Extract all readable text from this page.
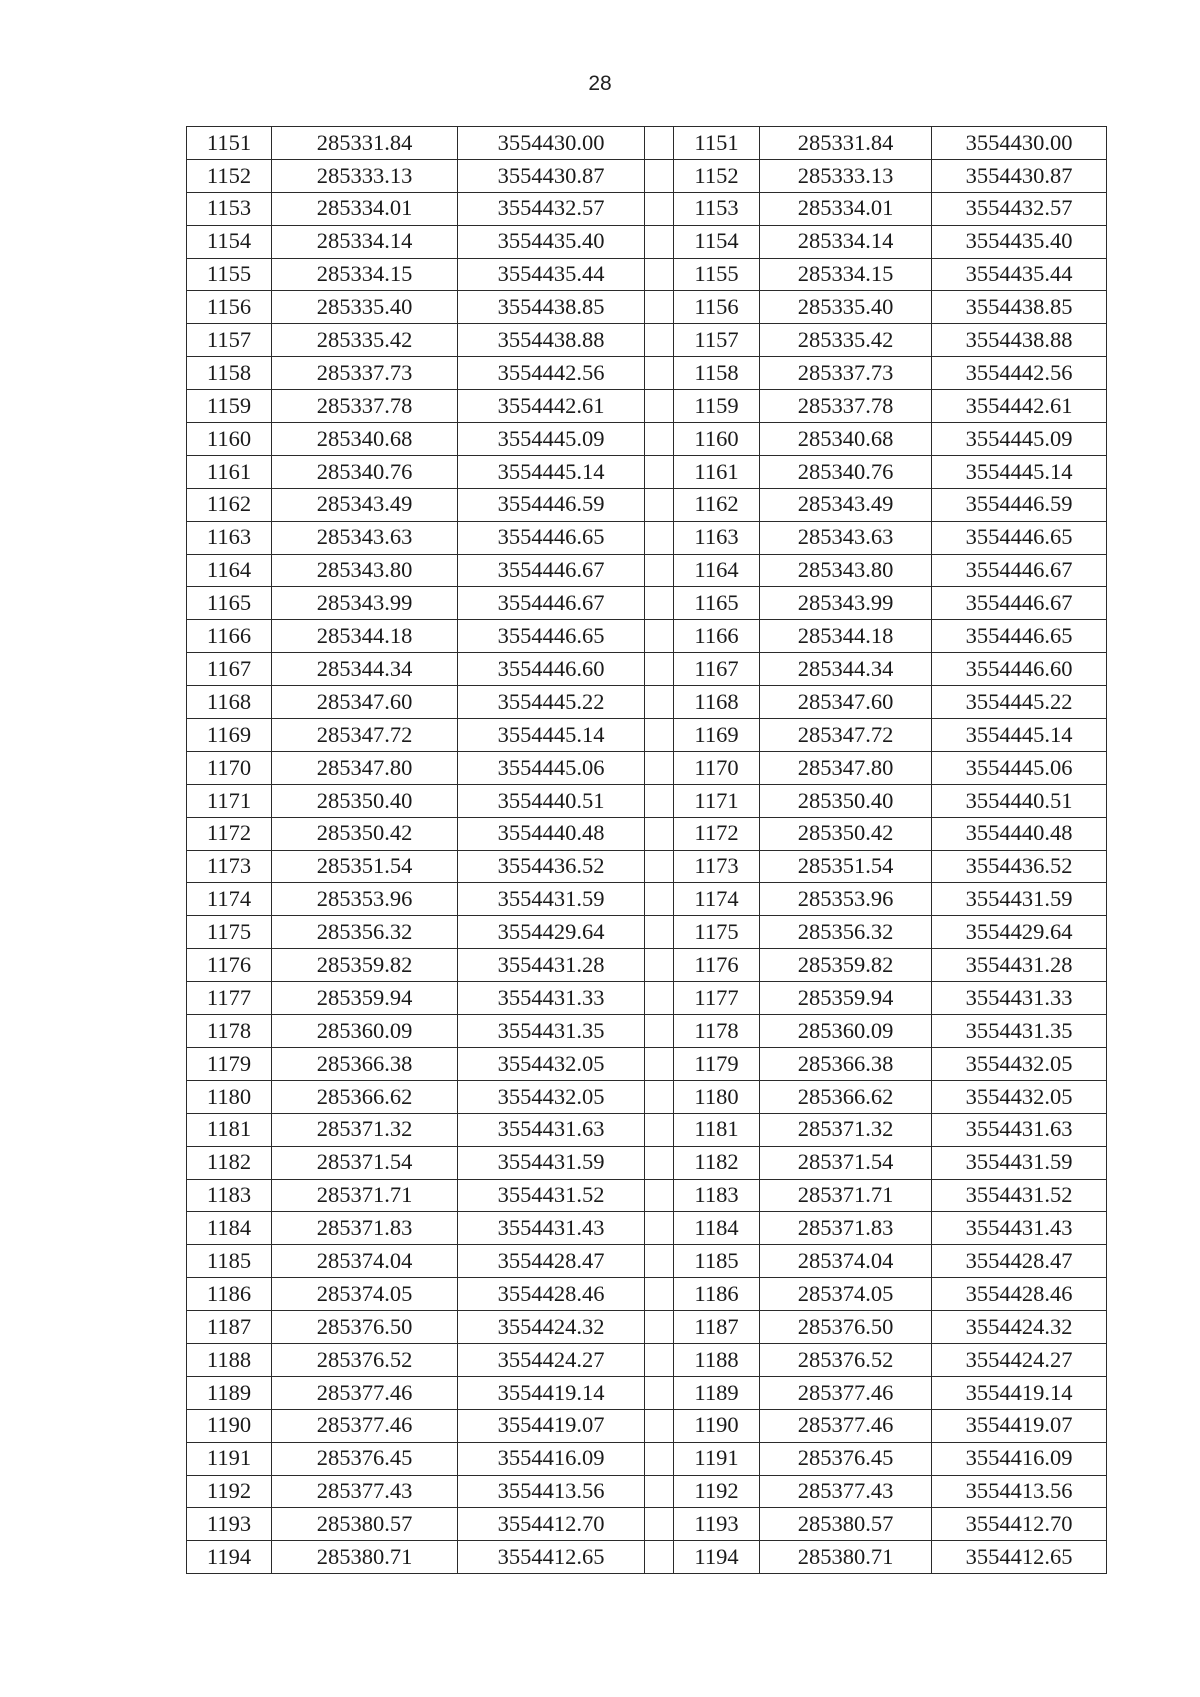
28
1151	285331.84	3554430.00		1151	285331.84	3554430.00
1152	285333.13	3554430.87		1152	285333.13	3554430.87
1153	285334.01	3554432.57		1153	285334.01	3554432.57
1154	285334.14	3554435.40		1154	285334.14	3554435.40
1155	285334.15	3554435.44		1155	285334.15	3554435.44
1156	285335.40	3554438.85		1156	285335.40	3554438.85
1157	285335.42	3554438.88		1157	285335.42	3554438.88
1158	285337.73	3554442.56		1158	285337.73	3554442.56
1159	285337.78	3554442.61		1159	285337.78	3554442.61
1160	285340.68	3554445.09		1160	285340.68	3554445.09
1161	285340.76	3554445.14		1161	285340.76	3554445.14
1162	285343.49	3554446.59		1162	285343.49	3554446.59
1163	285343.63	3554446.65		1163	285343.63	3554446.65
1164	285343.80	3554446.67		1164	285343.80	3554446.67
1165	285343.99	3554446.67		1165	285343.99	3554446.67
1166	285344.18	3554446.65		1166	285344.18	3554446.65
1167	285344.34	3554446.60		1167	285344.34	3554446.60
1168	285347.60	3554445.22		1168	285347.60	3554445.22
1169	285347.72	3554445.14		1169	285347.72	3554445.14
1170	285347.80	3554445.06		1170	285347.80	3554445.06
1171	285350.40	3554440.51		1171	285350.40	3554440.51
1172	285350.42	3554440.48		1172	285350.42	3554440.48
1173	285351.54	3554436.52		1173	285351.54	3554436.52
1174	285353.96	3554431.59		1174	285353.96	3554431.59
1175	285356.32	3554429.64		1175	285356.32	3554429.64
1176	285359.82	3554431.28		1176	285359.82	3554431.28
1177	285359.94	3554431.33		1177	285359.94	3554431.33
1178	285360.09	3554431.35		1178	285360.09	3554431.35
1179	285366.38	3554432.05		1179	285366.38	3554432.05
1180	285366.62	3554432.05		1180	285366.62	3554432.05
1181	285371.32	3554431.63		1181	285371.32	3554431.63
1182	285371.54	3554431.59		1182	285371.54	3554431.59
1183	285371.71	3554431.52		1183	285371.71	3554431.52
1184	285371.83	3554431.43		1184	285371.83	3554431.43
1185	285374.04	3554428.47		1185	285374.04	3554428.47
1186	285374.05	3554428.46		1186	285374.05	3554428.46
1187	285376.50	3554424.32		1187	285376.50	3554424.32
1188	285376.52	3554424.27		1188	285376.52	3554424.27
1189	285377.46	3554419.14		1189	285377.46	3554419.14
1190	285377.46	3554419.07		1190	285377.46	3554419.07
1191	285376.45	3554416.09		1191	285376.45	3554416.09
1192	285377.43	3554413.56		1192	285377.43	3554413.56
1193	285380.57	3554412.70		1193	285380.57	3554412.70
1194	285380.71	3554412.65		1194	285380.71	3554412.65
